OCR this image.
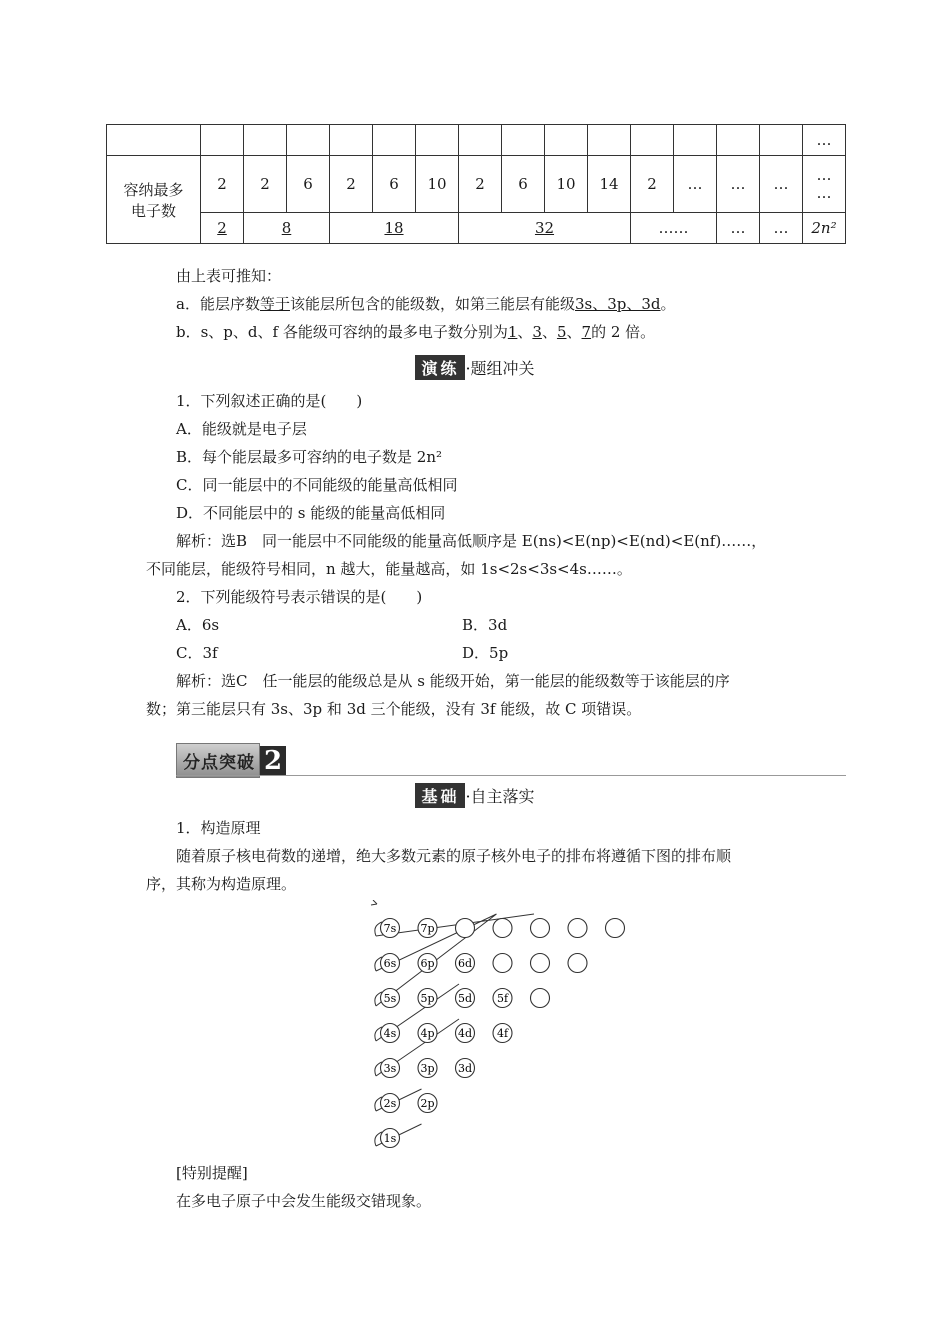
															…
容纳最多
电子数	2	2	6	2	6	10	2	6	10	14	2	…	…	…	…
…
	2	8		18			32				……		…	…	2n²
由上表可推知：
a．能层序数等于该能层所包含的能级数，如第三能层有能级3s、3p、3d。
b．s、p、d、f 各能级可容纳的最多电子数分别为1、3、5、7的 2 倍。
演练 ·题组冲关
1．下列叙述正确的是(　　)
A．能级就是电子层
B．每个能层最多可容纳的电子数是 2n²
C．同一能层中的不同能级的能量高低相同
D．不同能层中的 s 能级的能量高低相同
解析：选B　同一能层中不同能级的能量高低顺序是 E(ns)<E(np)<E(nd)<E(nf)……，
不同能层，能级符号相同，n 越大，能量越高，如 1s<2s<3s<4s……。
2．下列能级符号表示错误的是(　　)
A．6s	B．3d
C．3f	D．5p
解析：选C　任一能层的能级总是从 s 能级开始，第一能层的能级数等于该能层的序
数；第三能层只有 3s、3p 和 3d 三个能级，没有 3f 能级，故 C 项错误。
分点突破 2
基础 ·自主落实
1．构造原理
随着原子核电荷数的递增，绝大多数元素的原子核外电子的排布将遵循下图的排布顺
序，其称为构造原理。
7s 7p
6s 6p 6d
5s 5p 5d 5f
4s 4p 4d 4f
3s 3p 3d
2s 2p
1s
[特别提醒]
在多电子原子中会发生能级交错现象。
